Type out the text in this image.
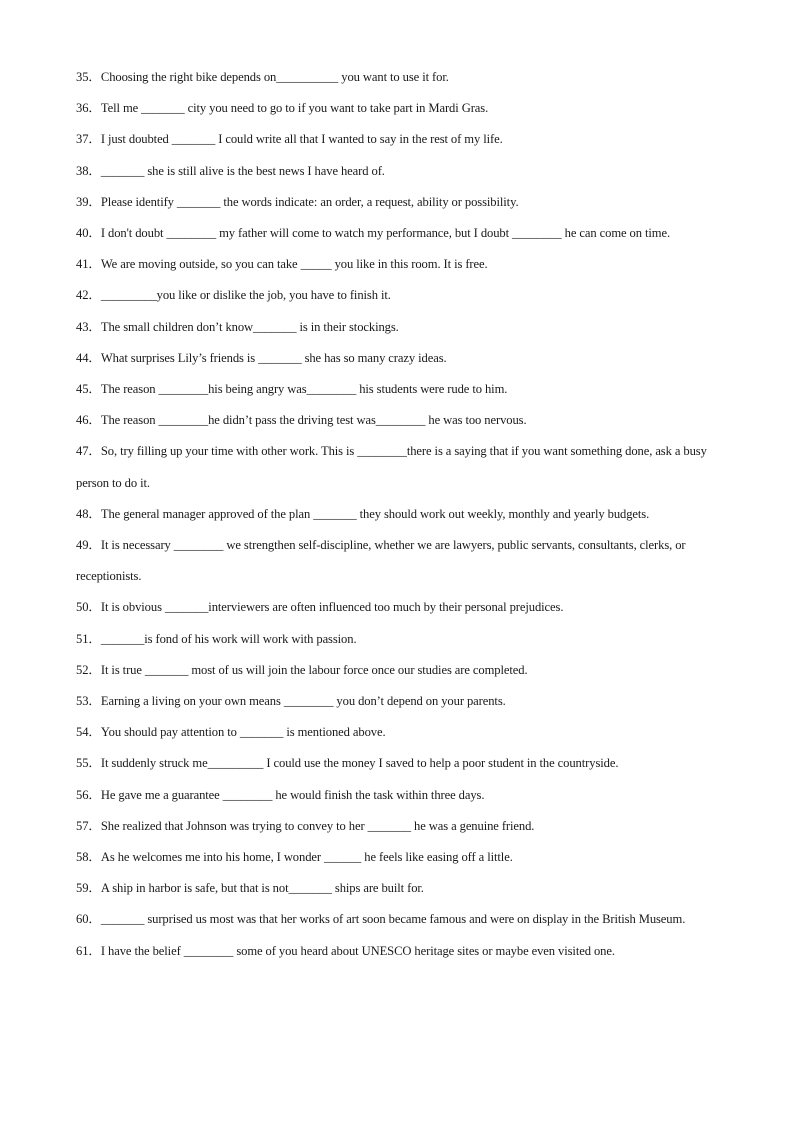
35．Choosing the right bike depends on__________ you want to use it for.

36．Tell me _______ city you need to go to if you want to take part in Mardi Gras.

37．I just doubted _______ I could write all that I wanted to say in the rest of my life.

38．_______ she is still alive is the best news I have heard of.

39．Please identify _______ the words indicate: an order, a request, ability or possibility.

40．I don't doubt ________ my father will come to watch my performance, but I doubt ________ he can come on time.

41．We are moving outside, so you can take _____ you like in this room. It is free.

42．_________you like or dislike the job, you have to finish it.

43．The small children don’t know_______ is in their stockings.

44．What surprises Lily’s friends is _______ she has so many crazy ideas.

45．The reason ________his being angry was________ his students were rude to him.

46．The reason ________he didn’t pass the driving test was________ he was too nervous.

47．So, try filling up your time with other work. This is ________there is a saying that if you want something done, ask a busy person to do it.

48．The general manager approved of the plan _______ they should work out weekly, monthly and yearly budgets.

49．It is necessary ________ we strengthen self-discipline, whether we are lawyers, public servants, consultants, clerks, or receptionists.

50．It is obvious _______interviewers are often influenced too much by their personal prejudices.

51．_______is fond of his work will work with passion.

52．It is true _______ most of us will join the labour force once our studies are completed.

53．Earning a living on your own means ________ you don’t depend on your parents.

54．You should pay attention to _______ is mentioned above.

55．It suddenly struck me_________ I could use the money I saved to help a poor student in the countryside.

56．He gave me a guarantee ________ he would finish the task within three days.

57．She realized that Johnson was trying to convey to her _______ he was a genuine friend.

58．As he welcomes me into his home, I wonder ______ he feels like easing off a little.

59．A ship in harbor is safe, but that is not_______ ships are built for.

60．_______ surprised us most was that her works of art soon became famous and were on display in the British Museum.

61．I have the belief ________ some of you heard about UNESCO heritage sites or maybe even visited one.
